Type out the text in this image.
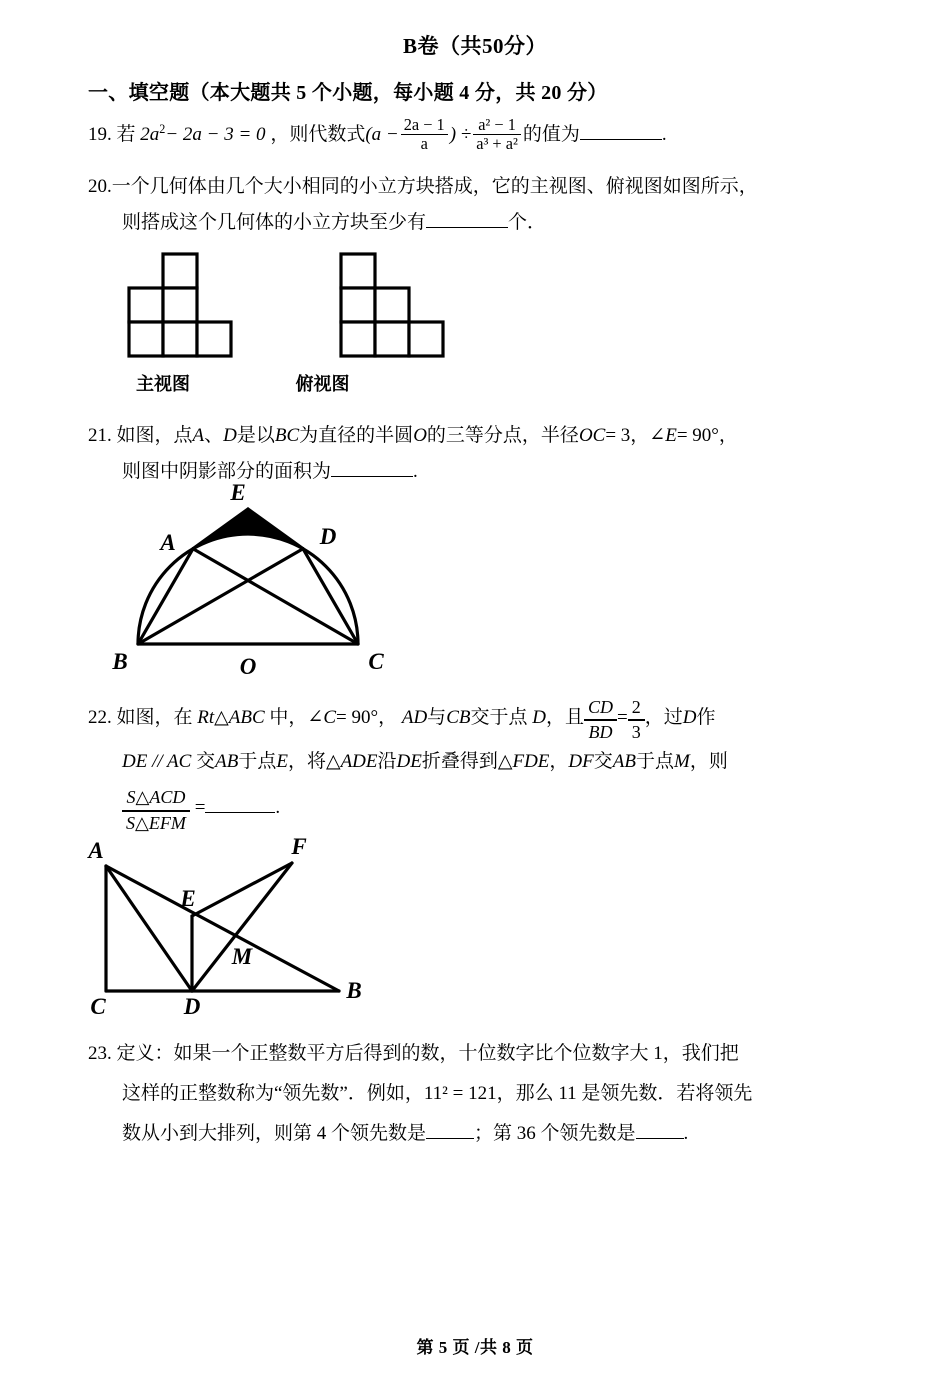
B卷（共50分）
一、填空题（本大题共 5 个小题，每小题 4 分，共 20 分）
19. 若 $2a^2- 2a - 3 = 0$ ，则代数式($a - \frac{2a - 1}{a}$ ) ÷ $\frac{\text{a² − 1}}{\text{a³ + a²}}$ 的值为	.
20.一个几何体由几个大小相同的小立方块搭成，它的主视图、俯视图如图所示，
则搭成这个几何体的小立方块至少有	个．
主视图	俯视图
21. 如图，点A、D是以BC为直径的半圆O的三等分点，半径OC= 3，∠E= 90°，
则图中阴影部分的面积为	.
E
A	D
B	C
O
22. 如图，在 Rt△ABC 中，∠C= 90°， AD与CB交于点 D，且 $\frac{CD}{BD} = \frac{2}{3}$ ，过D作
DE // AC 交AB于点E，将△ADE沿DE折叠得到△FDE，DF交AB于点M，则
$\frac{\text{S△ACD}}{\text{S△EFM}}$ =	.
A	F
E
M
C	D
B
23. 定义：如果一个正整数平方后得到的数，十位数字比个位数字大 1，我们把
这样的正整数称为“领先数”．例如，11² = 121，那么 11 是领先数．若将领先
数从小到大排列，则第 4 个领先数是	；第 36 个领先数是	.
第 5 页 /共 8 页
